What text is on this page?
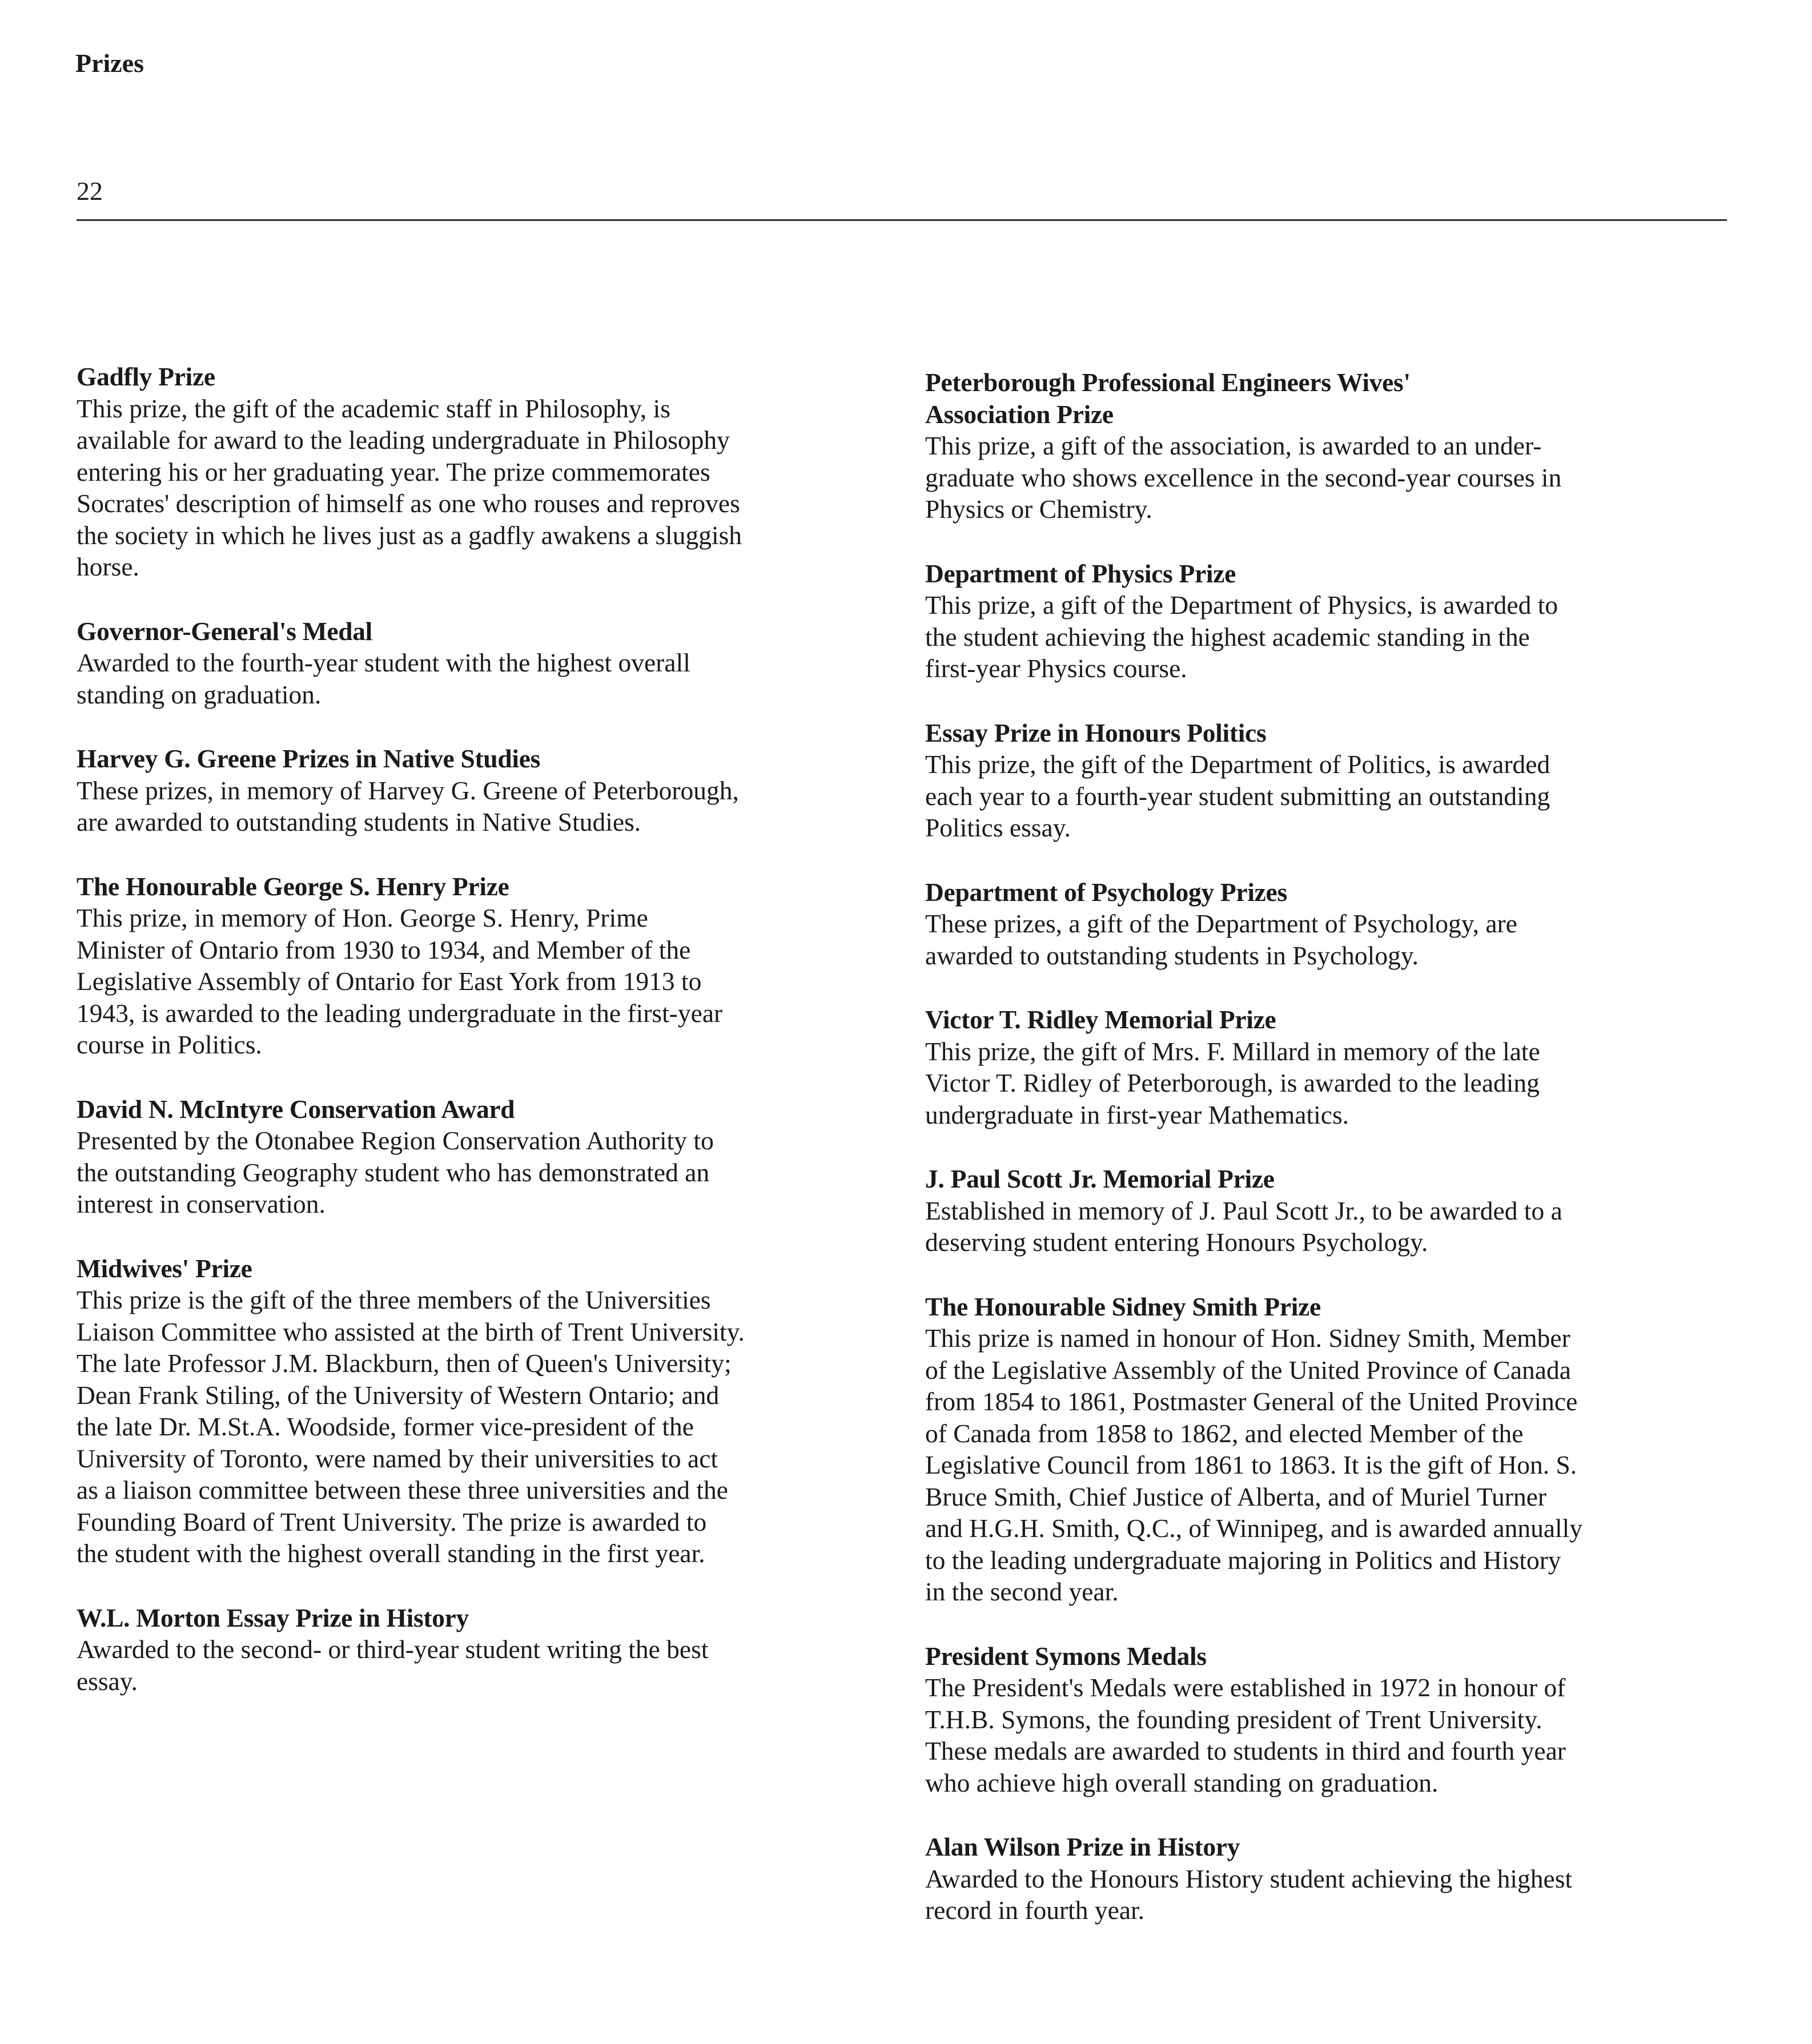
Prizes
22

Gadfly Prize

This prize, the gift of the academic staff in Philosophy, is
available for award to the leading undergraduate in Philosophy
entering his or her graduating year. The prize commemorates
Socrates' description of himself as one who rouses and reproves
the society in which he lives just as a gadfly awakens a sluggish
horse.

Governor-General's Medal

Awarded to the fourth-year student with the highest overall
standing on graduation.

Harvey G. Greene Prizes in Native Studies

These prizes, in memory of Harvey G. Greene of Peterborough,
are awarded to outstanding students in Native Studies.

The Honourable George S. Henry Prize

This prize, in memory of Hon. George S. Henry, Prime
Minister of Ontario from 1930 to 1934, and Member of the
Legislative Assembly of Ontario for East York from 1913 to
1943, is awarded to the leading undergraduate in the first-year
course in Politics.

David N. McIntyre Conservation Award

Presented by the Otonabee Region Conservation Authority to
the outstanding Geography student who has demonstrated an
interest in conservation.

Midwives' Prize

This prize is the gift of the three members of the Universities
Liaison Committee who assisted at the birth of Trent University.
The late Professor J.M. Blackburn, then of Queen's University;
Dean Frank Stiling, of the University of Western Ontario; and
the late Dr. M.St.A. Woodside, former vice-president of the
University of Toronto, were named by their universities to act
as a liaison committee between these three universities and the
Founding Board of Trent University. The prize is awarded to
the student with the highest overall standing in the first year.

W.L. Morton Essay Prize in History

Awarded to the second- or third-year student writing the best
essay.

Peterborough Professional Engineers Wives'
Association Prize

This prize, a gift of the association, is awarded to an under-
graduate who shows excellence in the second-year courses in
Physics or Chemistry.

Department of Physics Prize

This prize, a gift of the Department of Physics, is awarded to
the student achieving the highest academic standing in the
first-year Physics course.

Essay Prize in Honours Politics

This prize, the gift of the Department of Politics, is awarded
each year to a fourth-year student submitting an outstanding
Politics essay.

Department of Psychology Prizes

These prizes, a gift of the Department of Psychology, are
awarded to outstanding students in Psychology.

Victor T. Ridley Memorial Prize

This prize, the gift of Mrs. F. Millard in memory of the late
Victor T. Ridley of Peterborough, is awarded to the leading
undergraduate in first-year Mathematics.

J. Paul Scott Jr. Memorial Prize

Established in memory of J. Paul Scott Jr., to be awarded to a
deserving student entering Honours Psychology.

The Honourable Sidney Smith Prize

This prize is named in honour of Hon. Sidney Smith, Member
of the Legislative Assembly of the United Province of Canada
from 1854 to 1861, Postmaster General of the United Province
of Canada from 1858 to 1862, and elected Member of the
Legislative Council from 1861 to 1863. It is the gift of Hon. S.
Bruce Smith, Chief Justice of Alberta, and of Muriel Turner
and H.G.H. Smith, Q.C., of Winnipeg, and is awarded annually
to the leading undergraduate majoring in Politics and History
in the second year.

President Symons Medals

The President's Medals were established in 1972 in honour of
T.H.B. Symons, the founding president of Trent University.
These medals are awarded to students in third and fourth year
who achieve high overall standing on graduation.

Alan Wilson Prize in History

Awarded to the Honours History student achieving the highest
record in fourth year.
